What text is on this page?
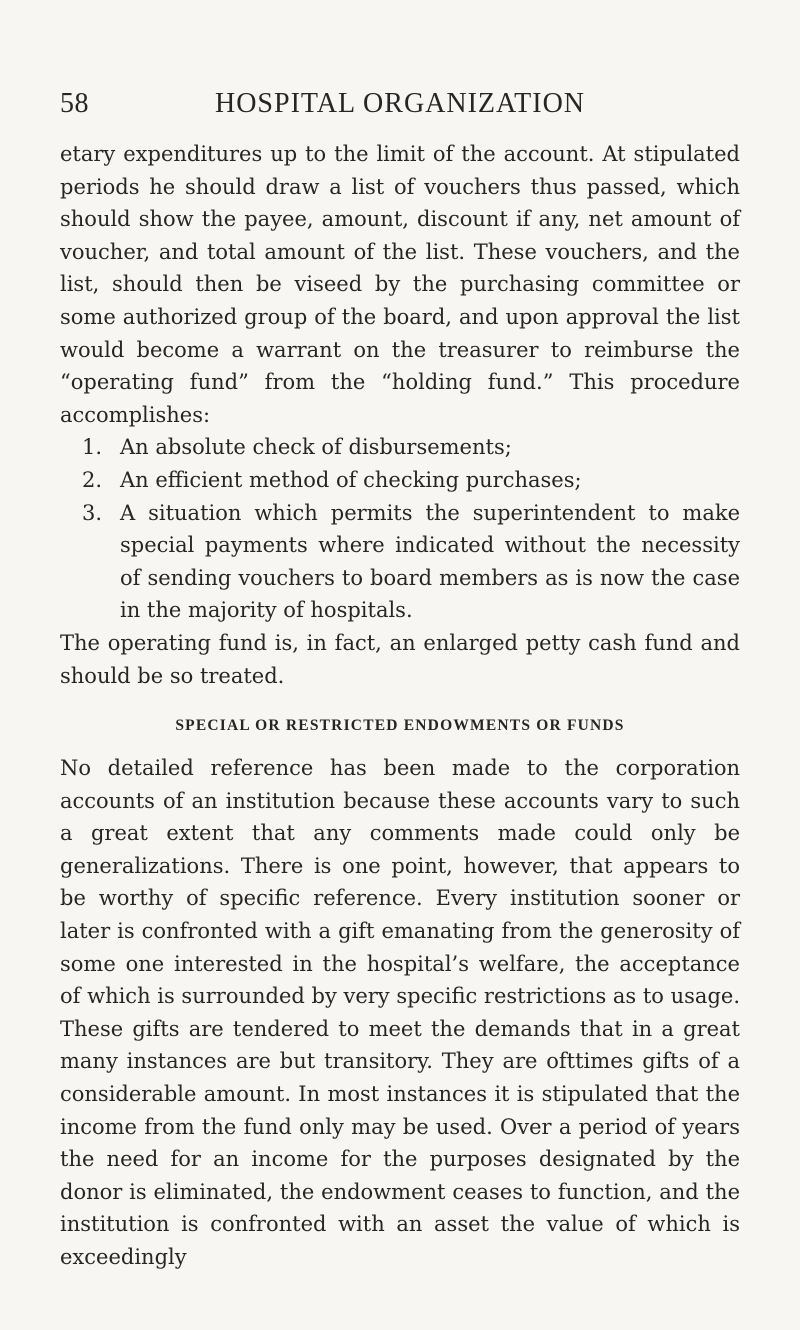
58	HOSPITAL ORGANIZATION

etary expenditures up to the limit of the account. At stipulated periods he should draw a list of vouchers thus passed, which should show the payee, amount, discount if any, net amount of voucher, and total amount of the list. These vouchers, and the list, should then be viseed by the purchasing committee or some authorized group of the board, and upon approval the list would become a warrant on the treasurer to reimburse the “operating fund” from the “holding fund.” This procedure accomplishes:

1. An absolute check of disbursements;
2. An efficient method of checking purchases;
3. A situation which permits the superintendent to make special payments where indicated without the necessity of sending vouchers to board members as is now the case in the majority of hospitals.

The operating fund is, in fact, an enlarged petty cash fund and should be so treated.

SPECIAL OR RESTRICTED ENDOWMENTS OR FUNDS

No detailed reference has been made to the corporation accounts of an institution because these accounts vary to such a great extent that any comments made could only be generalizations. There is one point, however, that appears to be worthy of specific reference. Every institution sooner or later is confronted with a gift emanating from the generosity of some one interested in the hospital’s welfare, the acceptance of which is surrounded by very specific restrictions as to usage. These gifts are tendered to meet the demands that in a great many instances are but transitory. They are ofttimes gifts of a considerable amount. In most instances it is stipulated that the income from the fund only may be used. Over a period of years the need for an income for the purposes designated by the donor is eliminated, the endowment ceases to function, and the institution is confronted with an asset the value of which is exceedingly
